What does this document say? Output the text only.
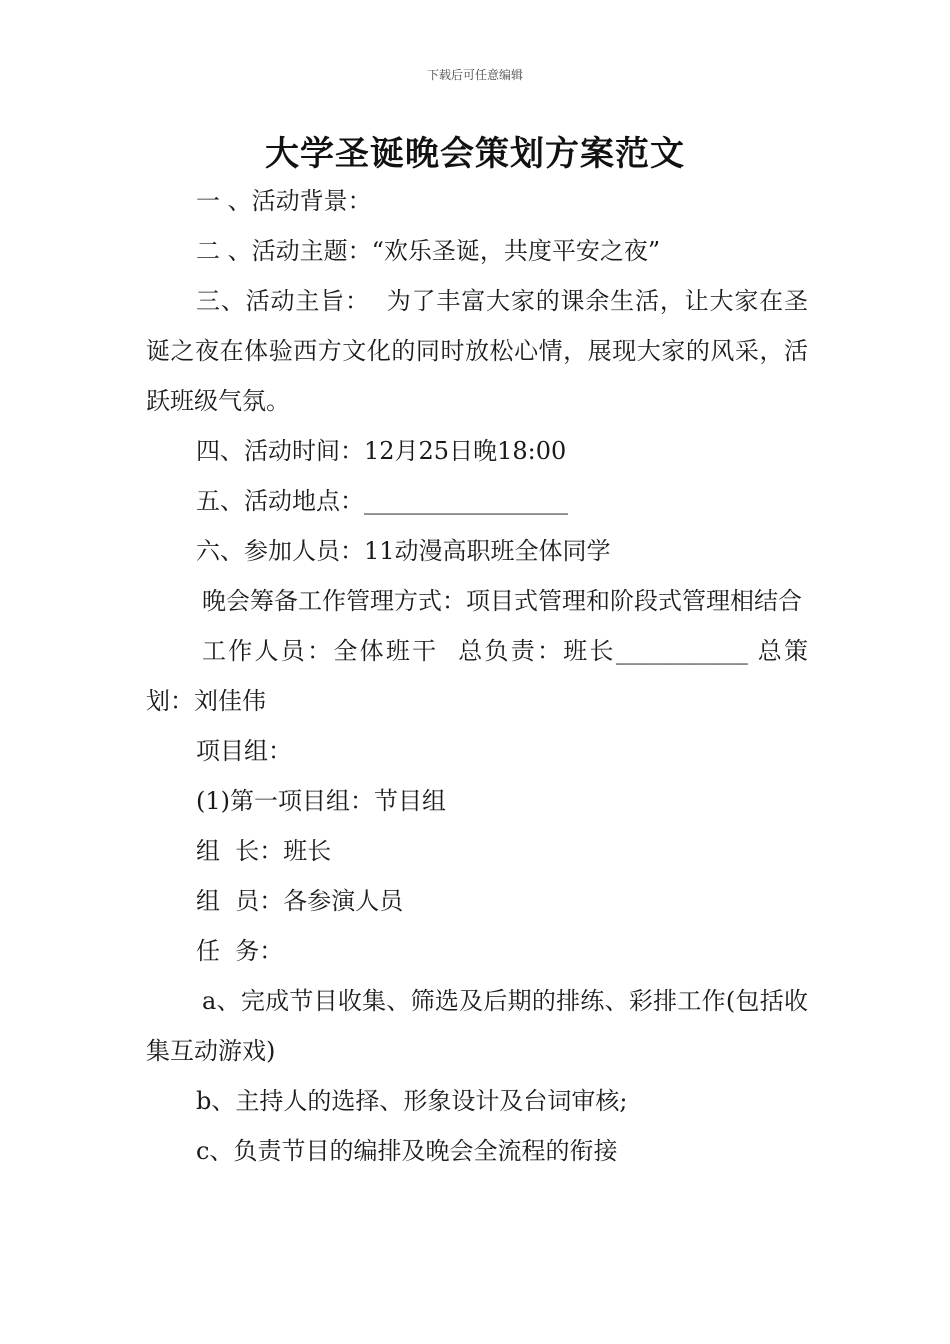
下载后可任意编辑
大学圣诞晚会策划方案范文

一 、活动背景：

二 、活动主题：“欢乐圣诞，共度平安之夜”

三、活动主旨：  为了丰富大家的课余生活，让大家在圣诞之夜在体验西方文化的同时放松心情，展现大家的风采，活跃班级气氛。

四、活动时间：12月25日晚18:00

五、活动地点：_________________

六、参加人员：11动漫高职班全体同学

晚会筹备工作管理方式：项目式管理和阶段式管理相结合

工作人员：全体班干  总负责：班长___________ 总策划：刘佳伟

项目组：

(1)第一项目组：节目组

组  长：班长

组  员：各参演人员

任  务：

a、完成节目收集、筛选及后期的排练、彩排工作(包括收集互动游戏)

b、主持人的选择、形象设计及台词审核;

c、负责节目的编排及晚会全流程的衔接
